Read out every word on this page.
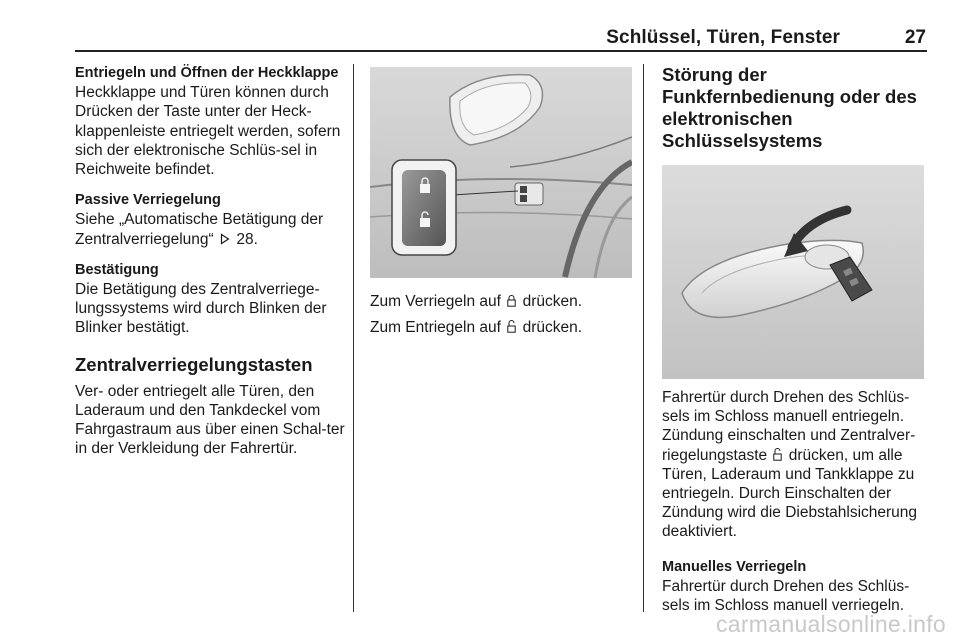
Schlüssel, Türen, Fenster	27

Entriegeln und Öffnen der Heckklappe

Heckklappe und Türen können durch Drücken der Taste unter der Heck-klappenleiste entriegelt werden, sofern sich der elektronische Schlüs-sel in Reichweite befindet.

Passive Verriegelung

Siehe „Automatische Betätigung der Zentralverriegelung“ 28.

Bestätigung

Die Betätigung des Zentralverriege-lungssystems wird durch Blinken der Blinker bestätigt.

Zentralverriegelungstasten

Ver- oder entriegelt alle Türen, den Laderaum und den Tankdeckel vom Fahrgastraum aus über einen Schal-ter in der Verkleidung der Fahrertür.

Zum Verriegeln auf drücken.

Zum Entriegeln auf drücken.

Störung der Funkfernbedienung oder des elektronischen Schlüsselsystems

Fahrertür durch Drehen des Schlüs-sels im Schloss manuell entriegeln.

Zündung einschalten und Zentralver-riegelungstaste drücken, um alle Türen, Laderaum und Tankklappe zu entriegeln. Durch Einschalten der Zündung wird die Diebstahlsicherung deaktiviert.

Manuelles Verriegeln

Fahrertür durch Drehen des Schlüs-sels im Schloss manuell verriegeln.

carmanualsonline.info
